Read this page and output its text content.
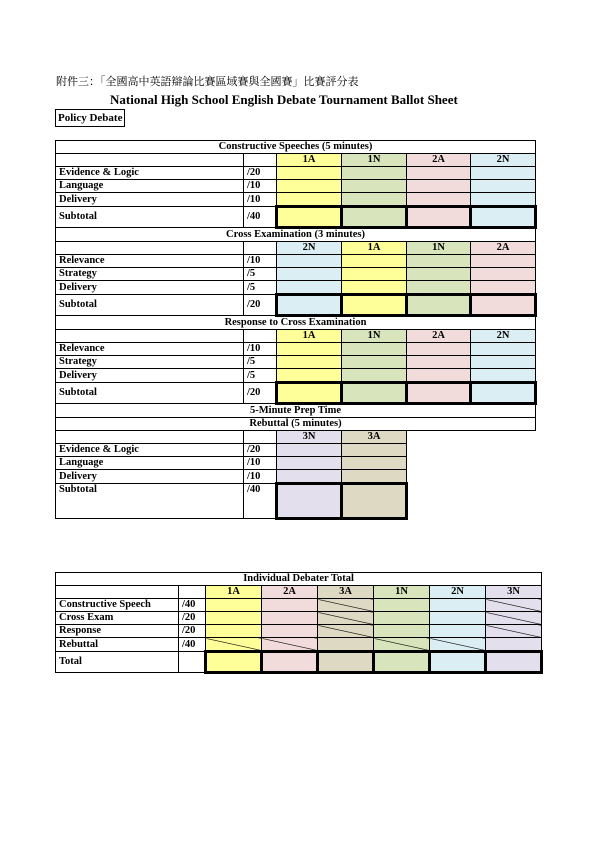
附件三：「全國高中英語辯論比賽區域賽與全國賽」比賽評分表
National High School English Debate Tournament Ballot Sheet
Policy Debate
Constructive Speeches (5 minutes)					
		1A	1N	2A	2N
Evidence & Logic	/20				
Language	/10				
Delivery	/10				
Subtotal	/40				
Cross Examination (3 minutes)					
		2N	1A	1N	2A
Relevance	/10				
Strategy	/5				
Delivery	/5				
Subtotal	/20				
Response to Cross Examination					
		1A	1N	2A	2N
Relevance	/10				
Strategy	/5				
Delivery	/5				
Subtotal	/20				
5-Minute Prep Time					
Rebuttal (5 minutes)					
		3N	3A		
Evidence & Logic	/20				
Language	/10				
Delivery	/10				
Subtotal	/40				
Individual Debater Total							
		1A	2A	3A	1N	2N	3N
Constructive Speech	/40						
Cross Exam	/20						
Response	/20						
Rebuttal	/40						
Total							
